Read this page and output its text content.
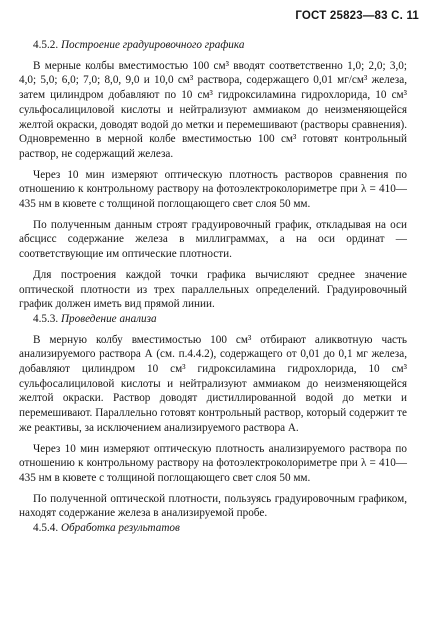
ГОСТ 25823—83 С. 11

4.5.2. Построение градуировочного графика

В мерные колбы вместимостью 100 см³ вводят соответственно 1,0; 2,0; 3,0; 4,0; 5,0; 6,0; 7,0; 8,0, 9,0 и 10,0 см³ раствора, содержащего 0,01 мг/см³ железа, затем цилиндром добавляют по 10 см³ гидроксиламина гидрохлорида, 10 см³ сульфосалициловой кислоты и нейтрализуют аммиаком до неизменяющейся желтой окраски, доводят водой до метки и перемешивают (растворы сравнения). Одновременно в мерной колбе вместимостью 100 см³ готовят контрольный раствор, не содержащий железа.

Через 10 мин измеряют оптическую плотность растворов сравнения по отношению к контрольному раствору на фотоэлектроколориметре при λ = 410—435 нм в кювете с толщиной поглощающего свет слоя 50 мм.

По полученным данным строят градуировочный график, откладывая на оси абсцисс содержание железа в миллиграммах, а на оси ординат — соответствующие им оптические плотности.

Для построения каждой точки графика вычисляют среднее значение оптической плотности из трех параллельных определений. Градуировочный график должен иметь вид прямой линии.

4.5.3. Проведение анализа

В мерную колбу вместимостью 100 см³ отбирают аликвотную часть анализируемого раствора А (см. п.4.4.2), содержащего от 0,01 до 0,1 мг железа, добавляют цилиндром 10 см³ гидроксиламина гидрохлорида, 10 см³ сульфосалициловой кислоты и нейтрализуют аммиаком до неизменяющейся желтой окраски. Раствор доводят дистиллированной водой до метки и перемешивают. Параллельно готовят контрольный раствор, который содержит те же реактивы, за исключением анализируемого раствора А.

Через 10 мин измеряют оптическую плотность анализируемого раствора по отношению к контрольному раствору на фотоэлектроколориметре при λ = 410—435 нм в кювете с толщиной поглощающего свет слоя 50 мм.

По полученной оптической плотности, пользуясь градуировочным графиком, находят содержание железа в анализируемой пробе.

4.5.4. Обработка результатов
